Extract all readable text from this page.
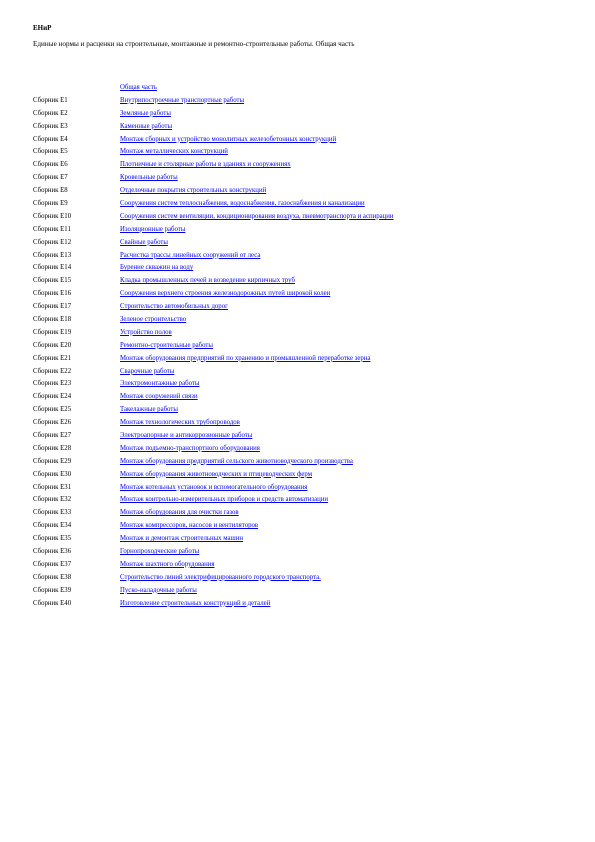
ЕНиР
Единые нормы и расценки на строительные, монтажные и ремонтно-строительные работы. Общая часть
Общая часть
Сборник Е1	Внутрипостроечные транспортные работы
Сборник Е2	Земляные работы
Сборник Е3	Каменные работы
Сборник Е4	Монтаж сборных и устройство монолитных железобетонных конструкций
Сборник Е5	Монтаж металлических конструкций
Сборник Е6	Плотничные и столярные работы в зданиях и сооружениях
Сборник Е7	Кровельные работы
Сборник Е8	Отделочные покрытия строительных конструкций
Сборник Е9	Сооружения систем теплоснабжения, водоснабжения, газоснабжения и канализации
Сборник Е10	Сооружения систем вентиляции, кондиционирования воздуха, пневмотранспорта и аспирации
Сборник Е11	Изоляционные работы
Сборник Е12	Свайные работы
Сборник Е13	Расчистка трассы линейных сооружений от леса
Сборник Е14	Бурение скважин на воду
Сборник Е15	Кладка промышленных печей и возведение кирпичных труб
Сборник Е16	Сооружения верхнего строения железнодорожных путей широкой колеи
Сборник Е17	Строительство автомобильных дорог
Сборник Е18	Зеленое строительство
Сборник Е19	Устройство полов
Сборник Е20	Ремонтно-строительные работы
Сборник Е21	Монтаж оборудования предприятий по хранению и промышленной переработке зерна
Сборник Е22	Сварочные работы
Сборник Е23	Электромонтажные работы
Сборник Е24	Монтаж сооружений связи
Сборник Е25	Такелажные работы
Сборник Е26	Монтаж технологических трубопроводов
Сборник Е27	Электроапорные и антикоррозионные работы
Сборник Е28	Монтаж подъемно-транспортного оборудования
Сборник Е29	Монтаж оборудования предприятий сельского животноводческого производства
Сборник Е30	Монтаж оборудования животноводческих и птицеводческих ферм
Сборник Е31	Монтаж котельных установок и вспомогательного оборудования
Сборник Е32	Монтаж контрольно-измерительных приборов и средств автоматизации
Сборник Е33	Монтаж оборудования для очистки газов
Сборник Е34	Монтаж компрессоров, насосов и вентиляторов
Сборник Е35	Монтаж и демонтаж строительных машин
Сборник Е36	Горнопроходческие работы
Сборник Е37	Монтаж шахтного оборудования
Сборник Е38	Строительство линий электрифицированного городского транспорта.
Сборник Е39	Пуско-наладочные работы
Сборник Е40	Изготовление строительных конструкций и деталей
